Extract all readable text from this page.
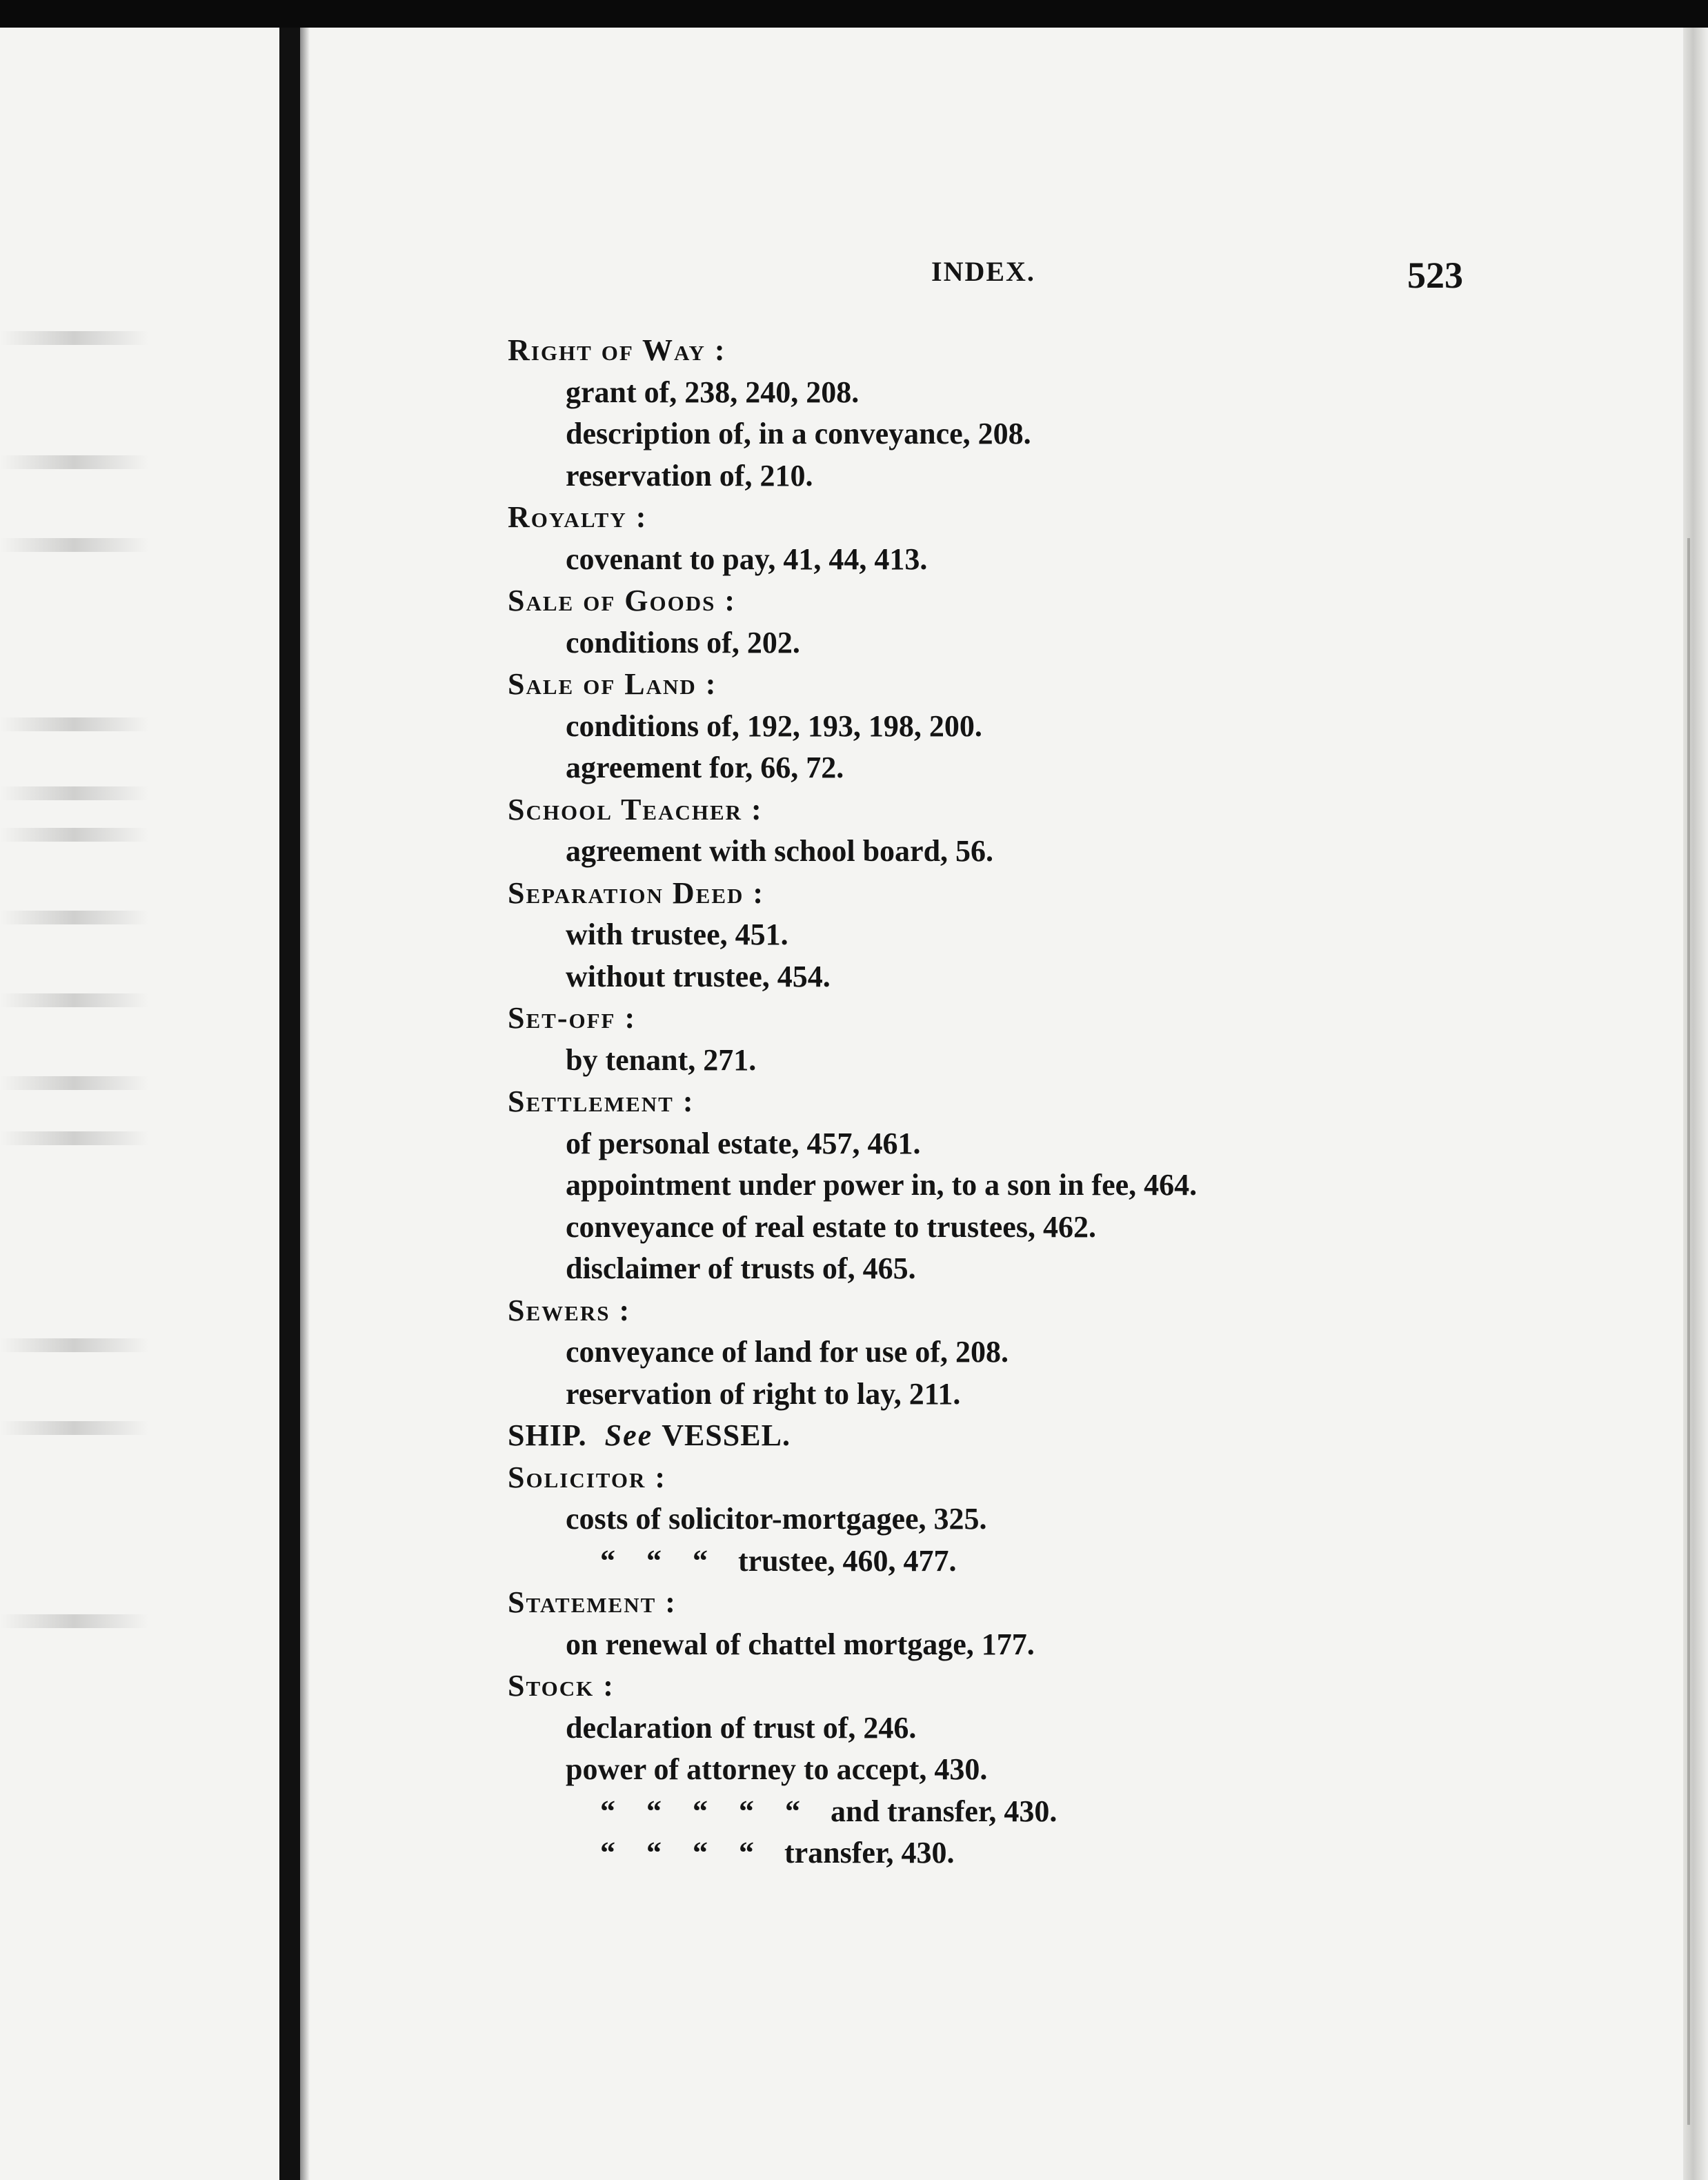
INDEX.	523
Right of Way :
grant of, 238, 240, 208.
description of, in a conveyance, 208.
reservation of, 210.
Royalty :
covenant to pay, 41, 44, 413.
Sale of Goods :
conditions of, 202.
Sale of Land :
conditions of, 192, 193, 198, 200.
agreement for, 66, 72.
School Teacher :
agreement with school board, 56.
Separation Deed :
with trustee, 451.
without trustee, 454.
Set-off :
by tenant, 271.
Settlement :
of personal estate, 457, 461.
appointment under power in, to a son in fee, 464.
conveyance of real estate to trustees, 462.
disclaimer of trusts of, 465.
Sewers :
conveyance of land for use of, 208.
reservation of right to lay, 211.
SHIP. See VESSEL.
Solicitor :
costs of solicitor-mortgagee, 325.
“ “ “ trustee, 460, 477.
Statement :
on renewal of chattel mortgage, 177.
Stock :
declaration of trust of, 246.
power of attorney to accept, 430.
“ “ “ “ “ and transfer, 430.
“ “ “ “ transfer, 430.
